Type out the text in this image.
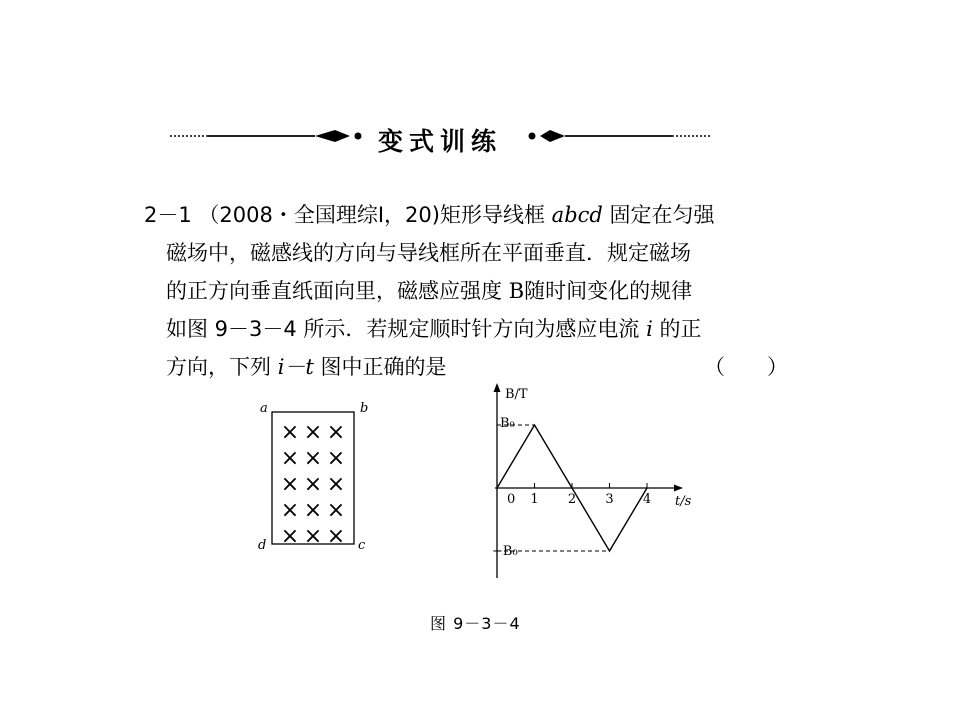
变式训练
2－1 （2008・全国理综Ⅰ，20)矩形导线框 abcd 固定在匀强
磁场中，磁感线的方向与导线框所在平面垂直．规定磁场
的正方向垂直纸面向里，磁感应强度 B随时间变化的规律
如图 9－3－4 所示．若规定顺时针方向为感应电流 i 的正
方向，下列 i－t 图中正确的是	（　　）
a	b
c
d
× × ×
× × ×
× × ×
× × ×
× × ×
B/T
t/s
B₀
−B₀
0 1 2 3 4
图 9－3－4
